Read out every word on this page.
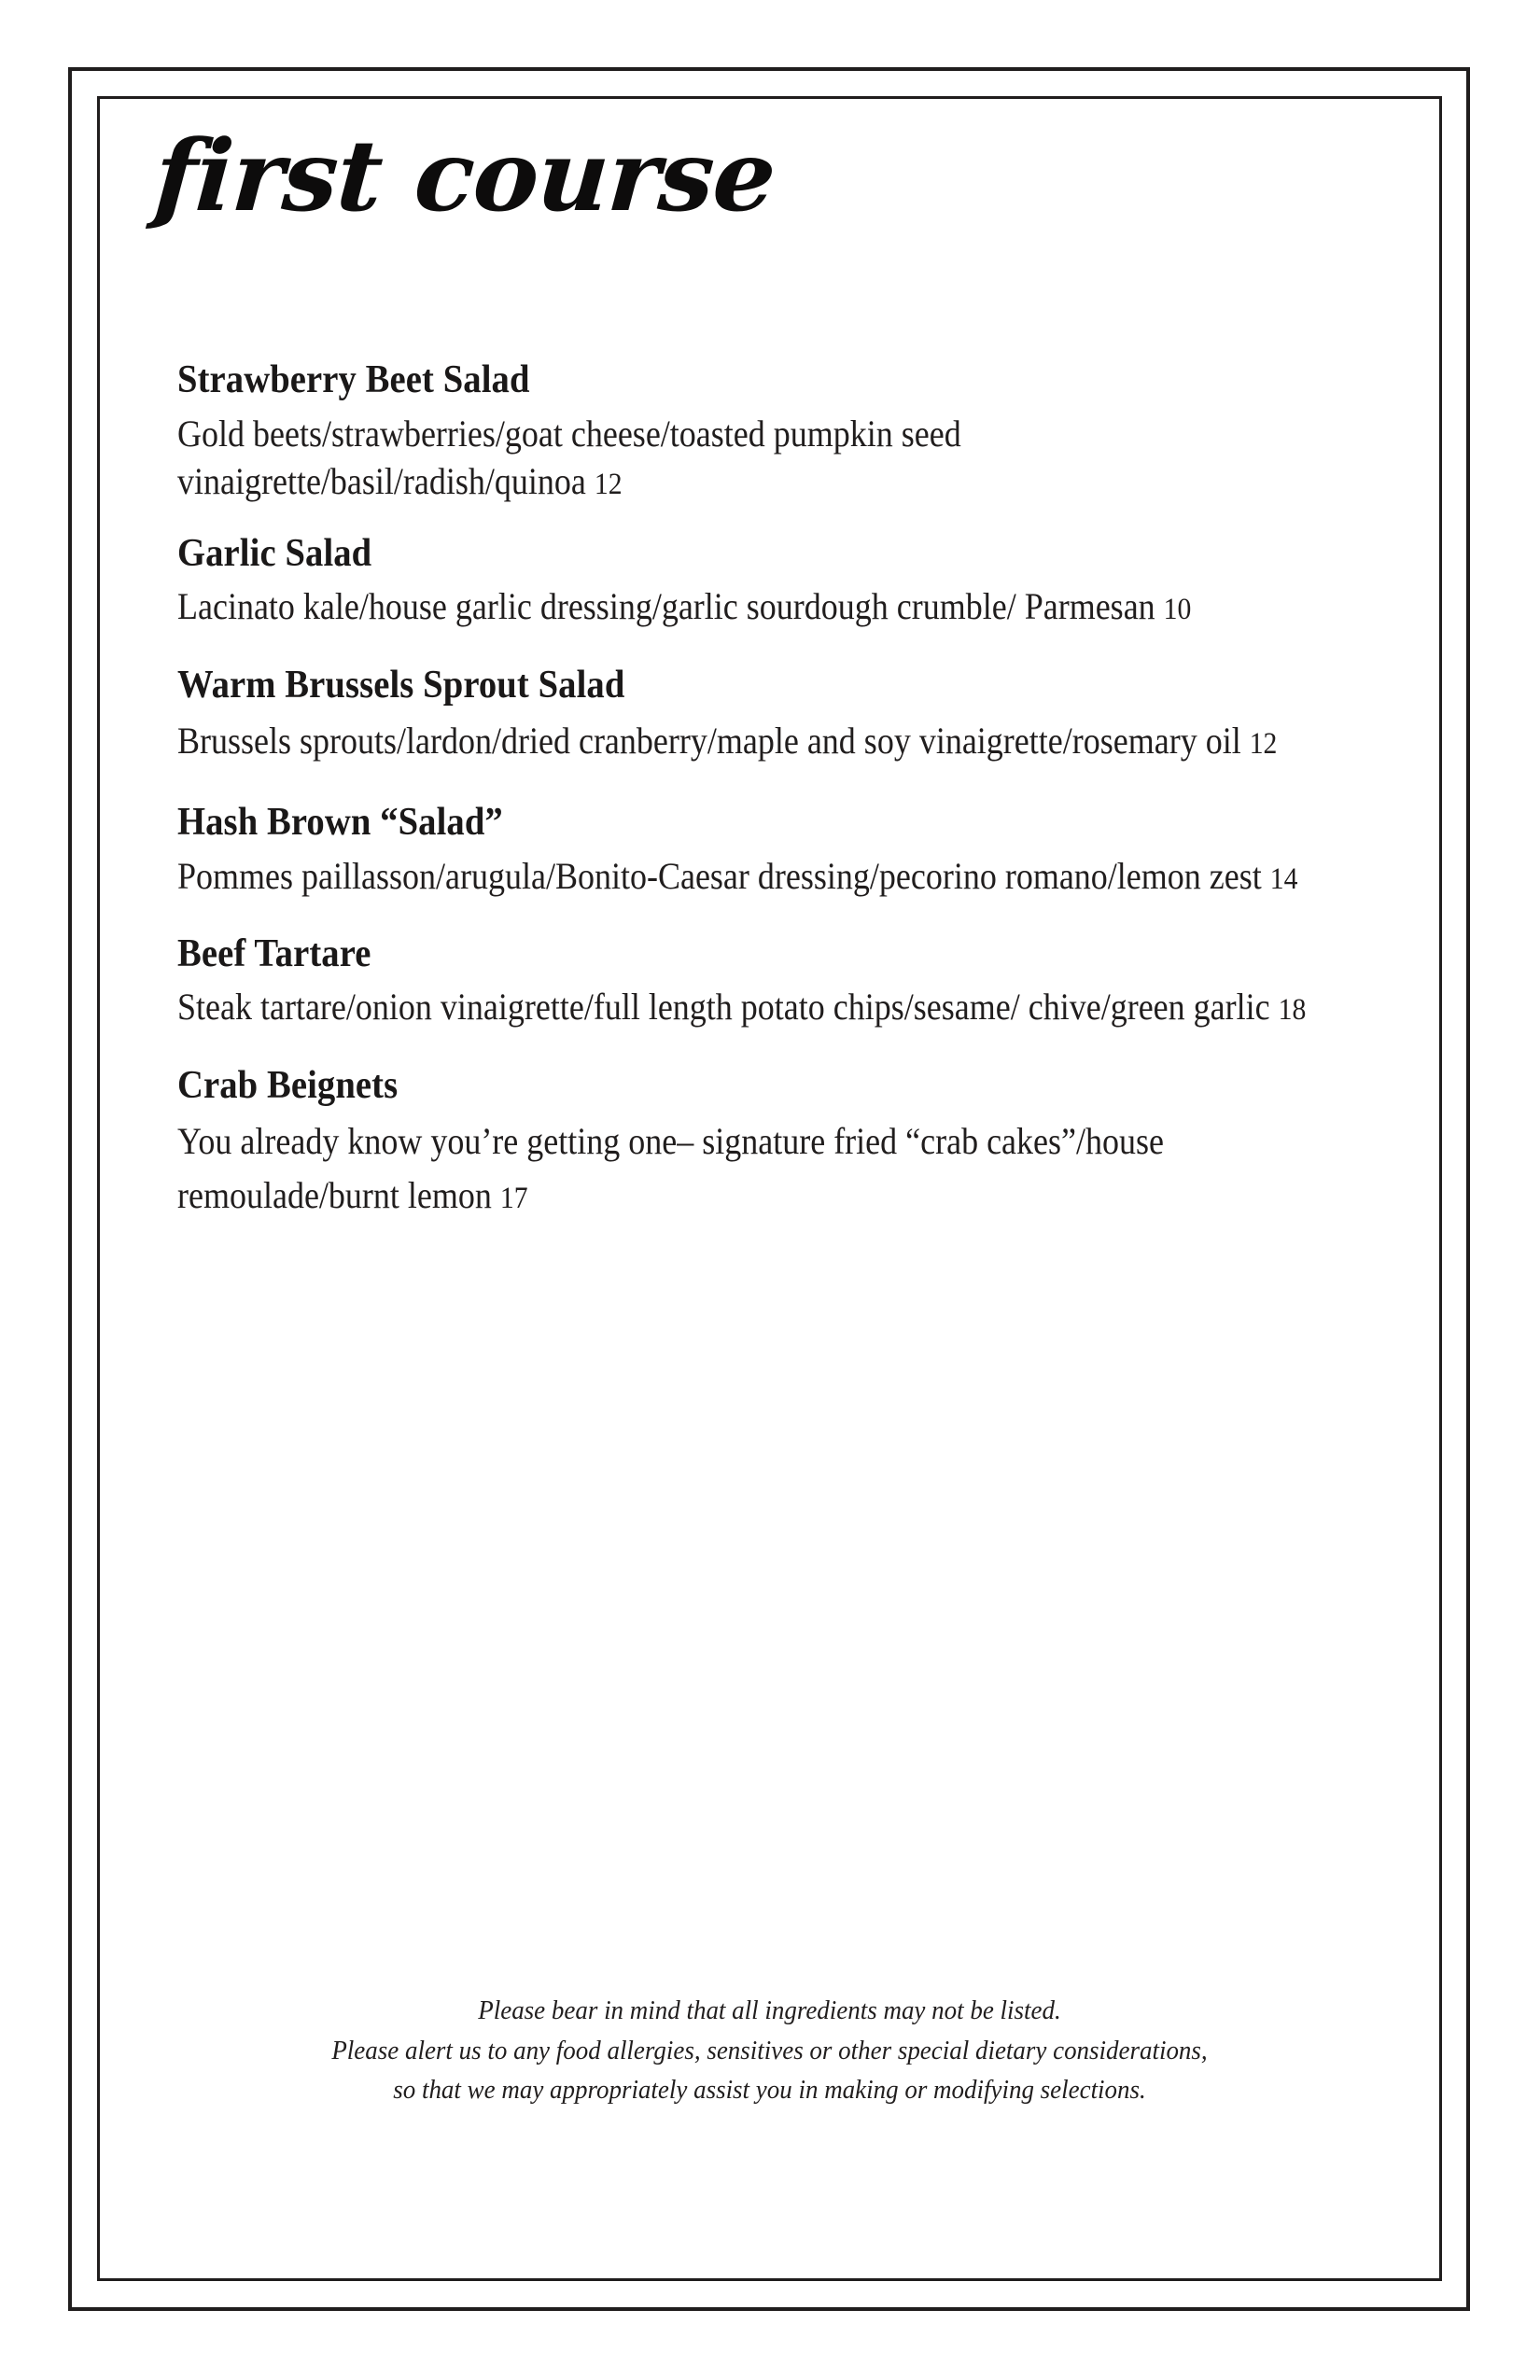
first course
Strawberry Beet Salad
Gold beets/strawberries/goat cheese/toasted pumpkin seed vinaigrette/basil/radish/quinoa 12
Garlic Salad
Lacinato kale/house garlic dressing/garlic sourdough crumble/ Parmesan 10
Warm Brussels Sprout Salad
Brussels sprouts/lardon/dried cranberry/maple and soy vinaigrette/rosemary oil 12
Hash Brown “Salad”
Pommes paillasson/arugula/Bonito-Caesar dressing/pecorino romano/lemon zest 14
Beef Tartare
Steak tartare/onion vinaigrette/full length potato chips/sesame/ chive/green garlic 18
Crab Beignets
You already know you’re getting one– signature fried “crab cakes”/house remoulade/burnt lemon 17
Please bear in mind that all ingredients may not be listed.
Please alert us to any food allergies, sensitives or other special dietary considerations,
so that we may appropriately assist you in making or modifying selections.
